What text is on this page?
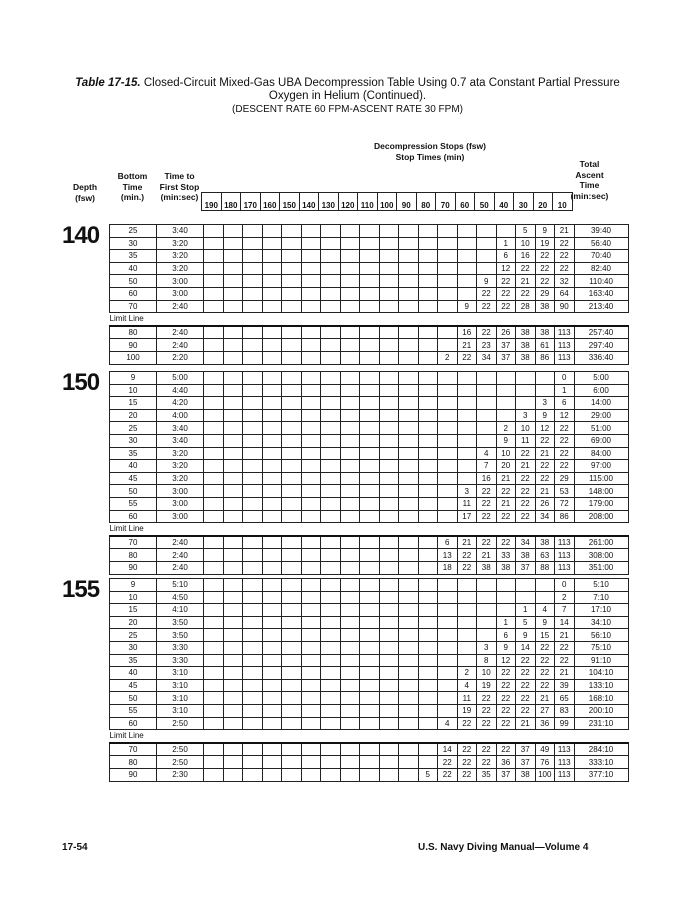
Table 17-15. Closed-Circuit Mixed-Gas UBA Decompression Table Using 0.7 ata Constant Partial Pressure
Oxygen in Helium (Continued).
(DESCENT RATE 60 FPM-ASCENT RATE 30 FPM)
Depth
(fsw)
Bottom
Time
(min.)
Time to
First Stop
(min:sec)
Decompression Stops (fsw)
Stop Times (min)
Total
Ascent
Time
(min:sec)
		190	180	170	160	150	140	130	120	110	100	90	80	70	60	50	40	30	20	10	
140	25	3:40																	5	9	21	39:40
30	3:20																1	10	19	22	56:40
35	3:20																6	16	22	22	70:40
40	3:20																12	22	22	22	82:40
50	3:00															9	22	21	22	32	110:40
60	3:00															22	22	22	29	64	163:40
70	2:40														9	22	22	28	38	90	213:40
Limit Line																					
80	2:40														16	22	26	38	38	113	257:40
90	2:40														21	23	37	38	61	113	297:40
100	2:20													2	22	34	37	38	86	113	336:40
150	9	5:00																			0	5:00
10	4:40																			1	6:00
15	4:20																		3	6	14:00
20	4:00																	3	9	12	29:00
25	3:40																2	10	12	22	51:00
30	3:40																9	11	22	22	69:00
35	3:20															4	10	22	21	22	84:00
40	3:20															7	20	21	22	22	97:00
45	3:20															16	21	22	22	29	115:00
50	3:00														3	22	22	22	21	53	148:00
55	3:00														11	22	21	22	26	72	179:00
60	3:00														17	22	22	22	34	86	208:00
Limit Line																					
70	2:40													6	21	22	22	34	38	113	261:00
80	2:40													13	22	21	33	38	63	113	308:00
90	2:40													18	22	38	38	37	88	113	351:00
155	9	5:10																			0	5:10
10	4:50																			2	7:10
15	4:10																	1	4	7	17:10
20	3:50																1	5	9	14	34:10
25	3:50																6	9	15	21	56:10
30	3:30															3	9	14	22	22	75:10
35	3:30															8	12	22	22	22	91:10
40	3:10														2	10	22	22	22	21	104:10
45	3:10														4	19	22	22	22	39	133:10
50	3:10														11	22	22	22	21	65	168:10
55	3:10														19	22	22	22	27	83	200:10
60	2:50													4	22	22	22	21	36	99	231:10
Limit Line																					
70	2:50													14	22	22	22	37	49	113	284:10
80	2:50													22	22	22	36	37	76	113	333:10
90	2:30												5	22	22	35	37	38	100	113	377:10
17-54	U.S. Navy Diving Manual—Volume 4
